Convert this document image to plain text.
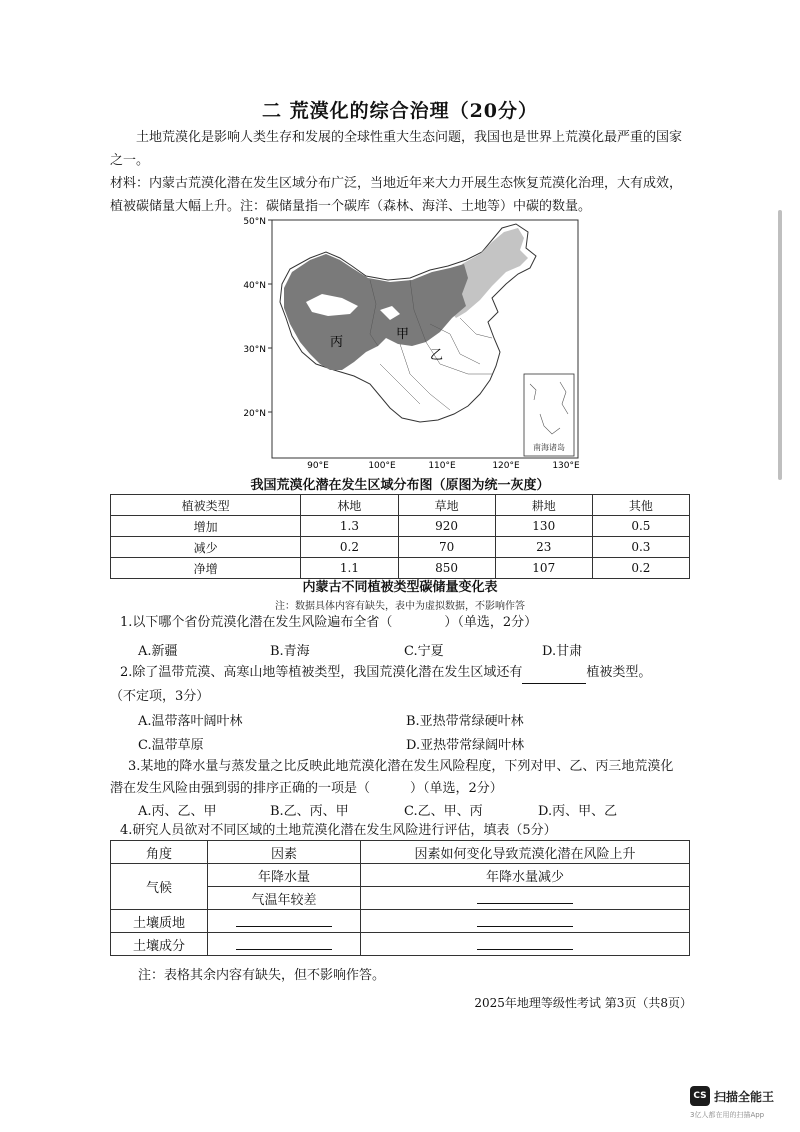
二 荒漠化的综合治理（20分）
土地荒漠化是影响人类生存和发展的全球性重大生态问题，我国也是世界上荒漠化最严重的国家之一。
材料：内蒙古荒漠化潜在发生区域分布广泛，当地近年来大力开展生态恢复荒漠化治理，大有成效，植被碳储量大幅上升。注：碳储量指一个碳库（森林、海洋、土地等）中碳的数量。
50°N
40°N
30°N
20°N
90°E	100°E	110°E	120°E	130°E
丙
甲
乙
南海诸岛
我国荒漠化潜在发生区域分布图（原图为统一灰度）
植被类型	林地	草地	耕地	其他
增加	1.3	920	130	0.5
减少	0.2	70	23	0.3
净增	1.1	850	107	0.2
内蒙古不同植被类型碳储量变化表
注：数据具体内容有缺失，表中为虚拟数据，不影响作答
1.以下哪个省份荒漠化潜在发生风险遍布全省（	）（单选，2分）
A.新疆	B.青海	C.宁夏	D.甘肃
2.除了温带荒漠、高寒山地等植被类型，我国荒漠化潜在发生区域还有	植被类型。
（不定项，3分）
A.温带落叶阔叶林	B.亚热带常绿硬叶林
C.温带草原	D.亚热带常绿阔叶林
3.某地的降水量与蒸发量之比反映此地荒漠化潜在发生风险程度，下列对甲、乙、丙三地荒漠化潜在发生风险由强到弱的排序正确的一项是（	）（单选，2分）
A.丙、乙、甲	B.乙、丙、甲	C.乙、甲、丙	D.丙、甲、乙
4.研究人员欲对不同区域的土地荒漠化潜在发生风险进行评估，填表（5分）
角度	因素	因素如何变化导致荒漠化潜在风险上升
气候	年降水量	年降水量减少
	气温年较差	
土壤质地		
土壤成分		
注：表格其余内容有缺失，但不影响作答。
2025年地理等级性考试 第3页（共8页）
CS 扫描全能王
3亿人都在用的扫描App
